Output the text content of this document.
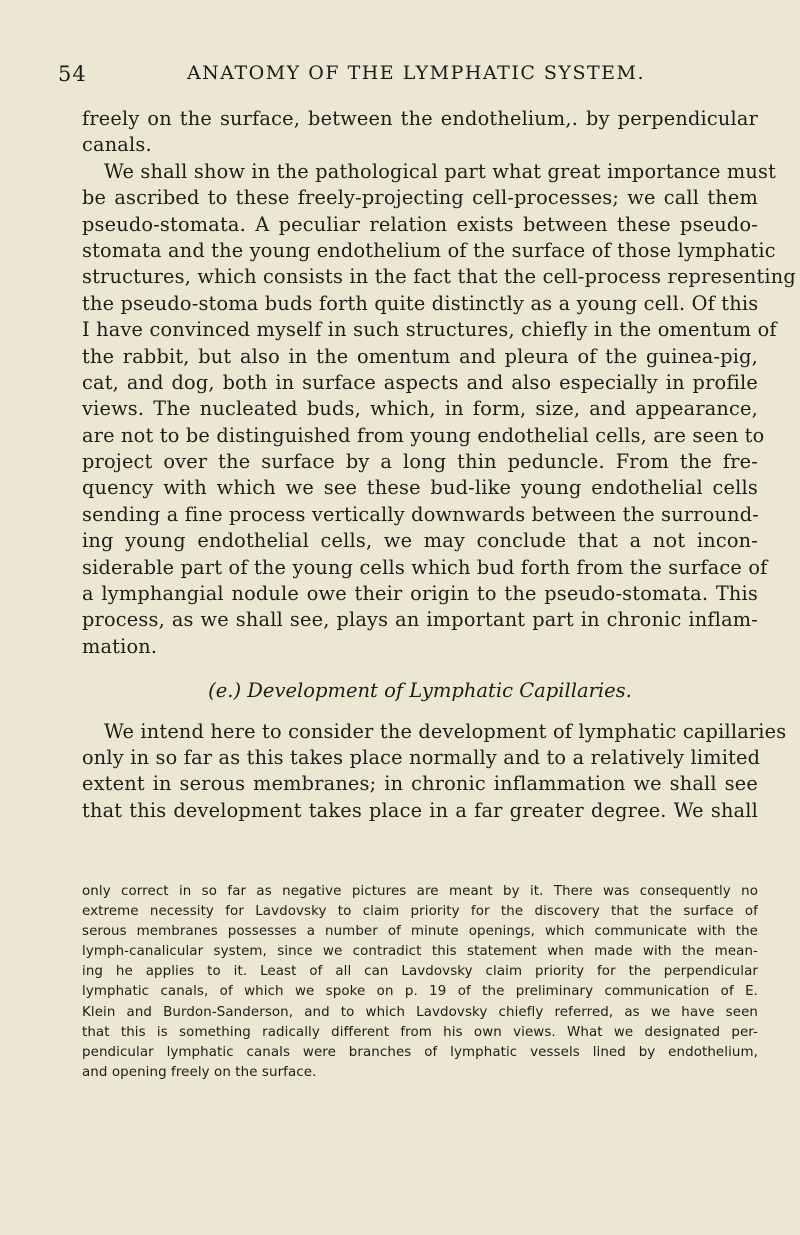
54	ANATOMY OF THE LYMPHATIC SYSTEM.
freely on the surface, between the endothelium,. by perpendicular
canals.
We shall show in the pathological part what great importance must
be ascribed to these freely-projecting cell-processes; we call them
pseudo-stomata. A peculiar relation exists between these pseudo-
stomata and the young endothelium of the surface of those lymphatic
structures, which consists in the fact that the cell-process representing
the pseudo-stoma buds forth quite distinctly as a young cell. Of this
I have convinced myself in such structures, chiefly in the omentum of
the rabbit, but also in the omentum and pleura of the guinea-pig,
cat, and dog, both in surface aspects and also especially in profile
views. The nucleated buds, which, in form, size, and appearance,
are not to be distinguished from young endothelial cells, are seen to
project over the surface by a long thin peduncle. From the fre-
quency with which we see these bud-like young endothelial cells
sending a fine process vertically downwards between the surround-
ing young endothelial cells, we may conclude that a not incon-
siderable part of the young cells which bud forth from the surface of
a lymphangial nodule owe their origin to the pseudo-stomata. This
process, as we shall see, plays an important part in chronic inflam-
mation.
(e.) Development of Lymphatic Capillaries.
We intend here to consider the development of lymphatic capillaries
only in so far as this takes place normally and to a relatively limited
extent in serous membranes; in chronic inflammation we shall see
that this development takes place in a far greater degree. We shall
only correct in so far as negative pictures are meant by it. There was consequently no
extreme necessity for Lavdovsky to claim priority for the discovery that the surface of
serous membranes possesses a number of minute openings, which communicate with the
lymph-canalicular system, since we contradict this statement when made with the mean-
ing he applies to it. Least of all can Lavdovsky claim priority for the perpendicular
lymphatic canals, of which we spoke on p. 19 of the preliminary communication of E.
Klein and Burdon-Sanderson, and to which Lavdovsky chiefly referred, as we have seen
that this is something radically different from his own views. What we designated per-
pendicular lymphatic canals were branches of lymphatic vessels lined by endothelium,
and opening freely on the surface.
